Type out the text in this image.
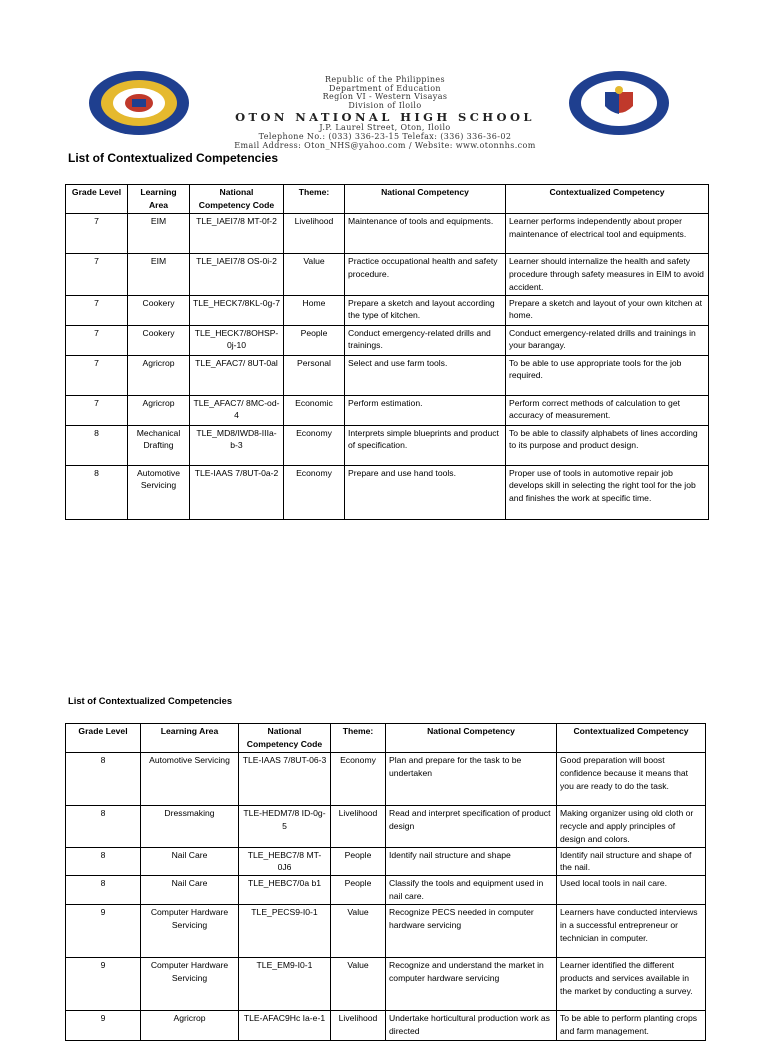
Republic of the Philippines
Department of Education
Region VI - Western Visayas
Division of Iloilo
OTON NATIONAL HIGH SCHOOL
J.P. Laurel Street, Oton, Iloilo
Telephone No.: (033) 336-23-15 Telefax: (336) 336-36-02
Email Address: Oton_NHS@yahoo.com / Website: www.otonnhs.com
List of Contextualized Competencies
Grade Level	Learning Area	National Competency Code	Theme:	National Competency	Contextualized Competency
7	EIM	TLE_IAEI7/8 MT-0f-2	Livelihood	Maintenance of tools and equipments.	Learner performs independently about proper maintenance of electrical tool and equipments.
7	EIM	TLE_IAEI7/8 OS-0i-2	Value	Practice occupational health and safety procedure.	Learner should internalize the health and safety procedure through safety measures in EIM to avoid accident.
7	Cookery	TLE_HECK7/8KL-0g-7	Home	Prepare a sketch and layout according the type of kitchen.	Prepare a sketch and layout of your own kitchen at home.
7	Cookery	TLE_HECK7/8OHSP-0j-10	People	Conduct emergency-related drills and trainings.	Conduct emergency-related drills and trainings in your barangay.
7	Agricrop	TLE_AFAC7/ 8UT-0al	Personal	Select and use farm tools.	To be able to use appropriate tools for the job required.
7	Agricrop	TLE_AFAC7/ 8MC-od-4	Economic	Perform estimation.	Perform correct methods of calculation to get accuracy of measurement.
8	Mechanical Drafting	TLE_MD8/IWD8-IIIa-b-3	Economy	Interprets simple blueprints and product of specification.	To be able to classify alphabets of lines according to its purpose and product design.
8	Automotive Servicing	TLE-IAAS 7/8UT-0a-2	Economy	Prepare and use hand tools.	Proper use of tools in automotive repair job develops skill in selecting the right tool for the job and finishes the work at specific time.
List of Contextualized Competencies
Grade Level	Learning Area	National Competency Code	Theme:	National Competency	Contextualized Competency
8	Automotive Servicing	TLE-IAAS 7/8UT-06-3	Economy	Plan and prepare for the task to be undertaken	Good preparation will boost confidence because it means that you are ready to do the task.
8	Dressmaking	TLE-HEDM7/8 ID-0g-5	Livelihood	Read and interpret specification of product design	Making organizer using old cloth or recycle and apply principles of design and colors.
8	Nail Care	TLE_HEBC7/8 MT-0J6	People	Identify nail structure and shape	Identify nail structure and shape of the nail.
8	Nail Care	TLE_HEBC7/0a b1	People	Classify the tools and equipment used in nail care.	Used local tools in nail care.
9	Computer Hardware Servicing	TLE_PECS9-I0-1	Value	Recognize PECS needed in computer hardware servicing	Learners have conducted interviews in a successful entrepreneur or technician in computer.
9	Computer Hardware Servicing	TLE_EM9-I0-1	Value	Recognize and understand the market in computer hardware servicing	Learner identified the different products and services available in the market by conducting a survey.
9	Agricrop	TLE-AFAC9Hc Ia-e-1	Livelihood	Undertake horticultural production work as directed	To be able to perform planting crops and farm management.
